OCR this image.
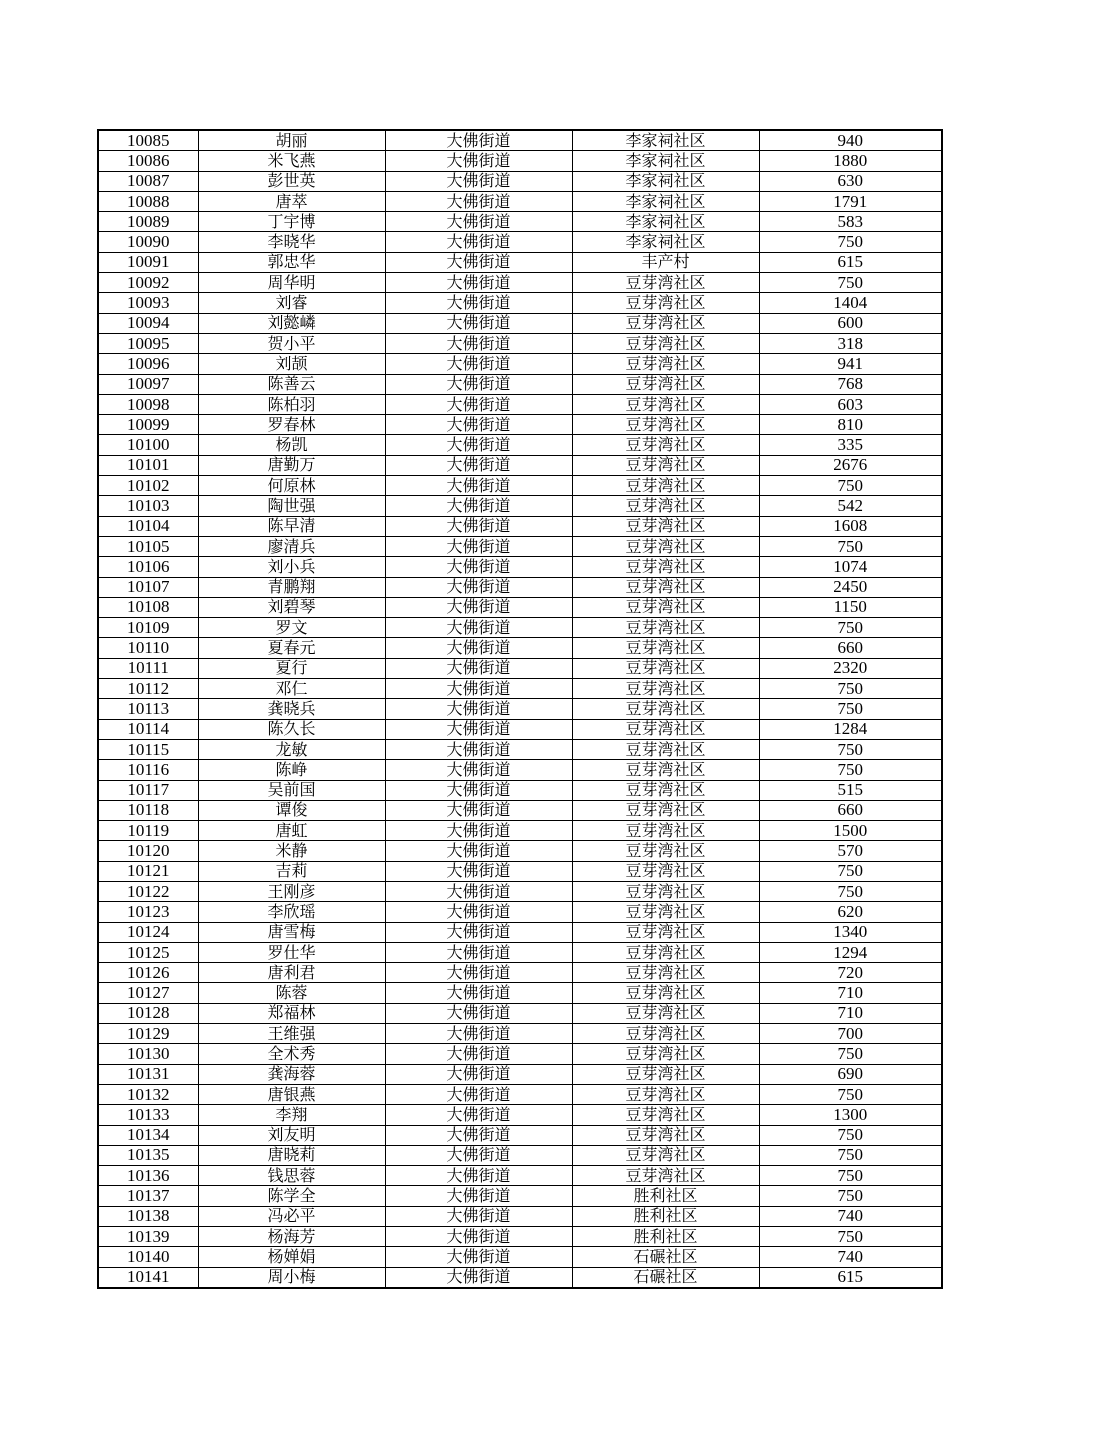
10085	胡丽	大佛街道	李家祠社区	940
10086	米飞燕	大佛街道	李家祠社区	1880
10087	彭世英	大佛街道	李家祠社区	630
10088	唐萃	大佛街道	李家祠社区	1791
10089	丁宇博	大佛街道	李家祠社区	583
10090	李晓华	大佛街道	李家祠社区	750
10091	郭忠华	大佛街道	丰产村	615
10092	周华明	大佛街道	豆芽湾社区	750
10093	刘睿	大佛街道	豆芽湾社区	1404
10094	刘懿嶙	大佛街道	豆芽湾社区	600
10095	贺小平	大佛街道	豆芽湾社区	318
10096	刘颉	大佛街道	豆芽湾社区	941
10097	陈善云	大佛街道	豆芽湾社区	768
10098	陈柏羽	大佛街道	豆芽湾社区	603
10099	罗春林	大佛街道	豆芽湾社区	810
10100	杨凯	大佛街道	豆芽湾社区	335
10101	唐勤万	大佛街道	豆芽湾社区	2676
10102	何原林	大佛街道	豆芽湾社区	750
10103	陶世强	大佛街道	豆芽湾社区	542
10104	陈早清	大佛街道	豆芽湾社区	1608
10105	廖清兵	大佛街道	豆芽湾社区	750
10106	刘小兵	大佛街道	豆芽湾社区	1074
10107	青鹏翔	大佛街道	豆芽湾社区	2450
10108	刘碧琴	大佛街道	豆芽湾社区	1150
10109	罗文	大佛街道	豆芽湾社区	750
10110	夏春元	大佛街道	豆芽湾社区	660
10111	夏行	大佛街道	豆芽湾社区	2320
10112	邓仁	大佛街道	豆芽湾社区	750
10113	龚晓兵	大佛街道	豆芽湾社区	750
10114	陈久长	大佛街道	豆芽湾社区	1284
10115	龙敏	大佛街道	豆芽湾社区	750
10116	陈峥	大佛街道	豆芽湾社区	750
10117	吴前国	大佛街道	豆芽湾社区	515
10118	谭俊	大佛街道	豆芽湾社区	660
10119	唐虹	大佛街道	豆芽湾社区	1500
10120	米静	大佛街道	豆芽湾社区	570
10121	吉莉	大佛街道	豆芽湾社区	750
10122	王刚彦	大佛街道	豆芽湾社区	750
10123	李欣瑶	大佛街道	豆芽湾社区	620
10124	唐雪梅	大佛街道	豆芽湾社区	1340
10125	罗仕华	大佛街道	豆芽湾社区	1294
10126	唐利君	大佛街道	豆芽湾社区	720
10127	陈蓉	大佛街道	豆芽湾社区	710
10128	郑福林	大佛街道	豆芽湾社区	710
10129	王维强	大佛街道	豆芽湾社区	700
10130	全术秀	大佛街道	豆芽湾社区	750
10131	龚海蓉	大佛街道	豆芽湾社区	690
10132	唐银燕	大佛街道	豆芽湾社区	750
10133	李翔	大佛街道	豆芽湾社区	1300
10134	刘友明	大佛街道	豆芽湾社区	750
10135	唐晓莉	大佛街道	豆芽湾社区	750
10136	钱思蓉	大佛街道	豆芽湾社区	750
10137	陈学全	大佛街道	胜利社区	750
10138	冯必平	大佛街道	胜利社区	740
10139	杨海芳	大佛街道	胜利社区	750
10140	杨婵娟	大佛街道	石碾社区	740
10141	周小梅	大佛街道	石碾社区	615
